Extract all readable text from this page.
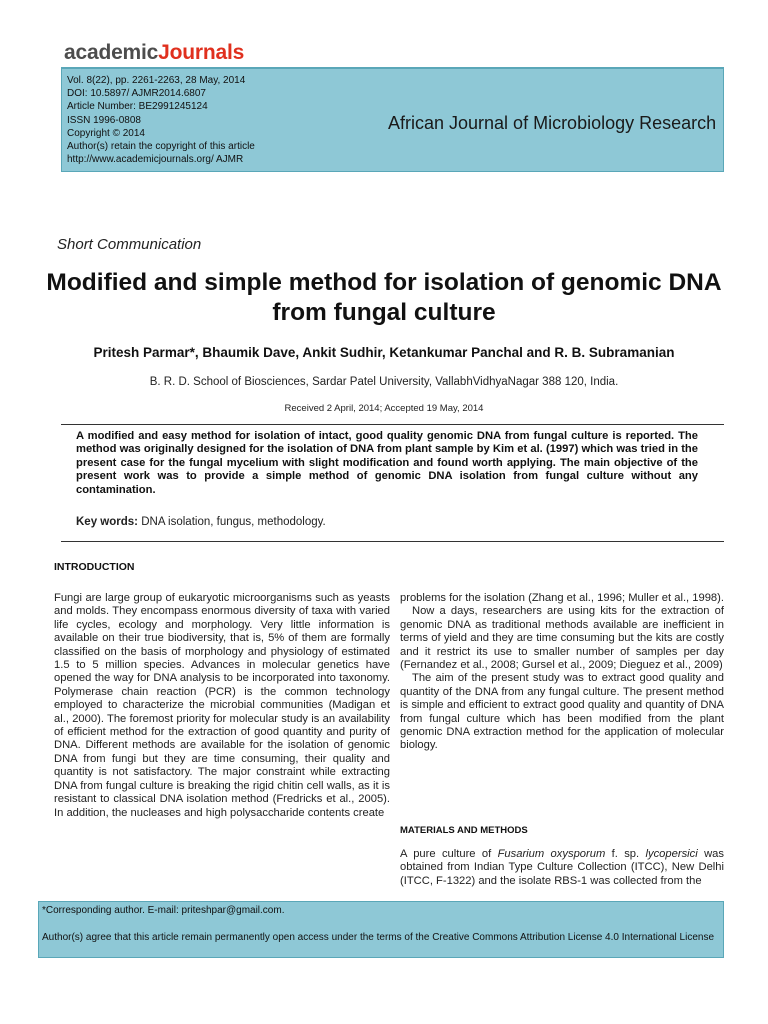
academicJournals
Vol. 8(22), pp. 2261-2263, 28 May, 2014
DOI: 10.5897/ AJMR2014.6807
Article Number: BE2991245124
ISSN 1996-0808
Copyright © 2014
Author(s) retain the copyright of this article
http://www.academicjournals.org/ AJMR
African Journal of Microbiology Research
Short Communication
Modified and simple method for isolation of genomic DNA from fungal culture
Pritesh Parmar*, Bhaumik Dave, Ankit Sudhir, Ketankumar Panchal and R. B. Subramanian
B. R. D. School of Biosciences, Sardar Patel University, VallabhVidhyaNagar 388 120, India.
Received 2 April, 2014; Accepted 19 May, 2014
A modified and easy method for isolation of intact, good quality genomic DNA from fungal culture is reported. The method was originally designed for the isolation of DNA from plant sample by Kim et al. (1997) which was tried in the present case for the fungal mycelium with slight modification and found worth applying. The main objective of the present work was to provide a simple method of genomic DNA isolation from fungal culture without any contamination.
Key words: DNA isolation, fungus, methodology.
INTRODUCTION

Fungi are large group of eukaryotic microorganisms such as yeasts and molds. They encompass enormous diversity of taxa with varied life cycles, ecology and morphology. Very little information is available on their true biodiversity, that is, 5% of them are formally classified on the basis of morphology and physiology of estimated 1.5 to 5 million species. Advances in molecular genetics have opened the way for DNA analysis to be incorporated into taxonomy. Polymerase chain reaction (PCR) is the common technology employed to characterize the microbial communities (Madigan et al., 2000). The foremost priority for molecular study is an availability of efficient method for the extraction of good quantity and purity of DNA. Different methods are available for the isolation of genomic DNA from fungi but they are time consuming, their quality and quantity is not satisfactory. The major constraint while extracting DNA from fungal culture is breaking the rigid chitin cell walls, as it is resistant to classical DNA isolation method (Fredricks et al., 2005). In addition, the nucleases and high polysaccharide contents create

problems for the isolation (Zhang et al., 1996; Muller et al., 1998).

Now a days, researchers are using kits for the extraction of genomic DNA as traditional methods available are inefficient in terms of yield and they are time consuming but the kits are costly and it restrict its use to smaller number of samples per day (Fernandez et al., 2008; Gursel et al., 2009; Dieguez et al., 2009)

The aim of the present study was to extract good quality and quantity of the DNA from any fungal culture. The present method is simple and efficient to extract good quality and quantity of DNA from fungal culture which has been modified from the plant genomic DNA extraction method for the application of molecular biology.

MATERIALS AND METHODS
A pure culture of Fusarium oxysporum f. sp. lycopersici was obtained from Indian Type Culture Collection (ITCC), New Delhi (ITCC, F-1322) and the isolate RBS-1 was collected from the
*Corresponding author. E-mail: priteshpar@gmail.com.
Author(s) agree that this article remain permanently open access under the terms of the Creative Commons Attribution License 4.0 International License
